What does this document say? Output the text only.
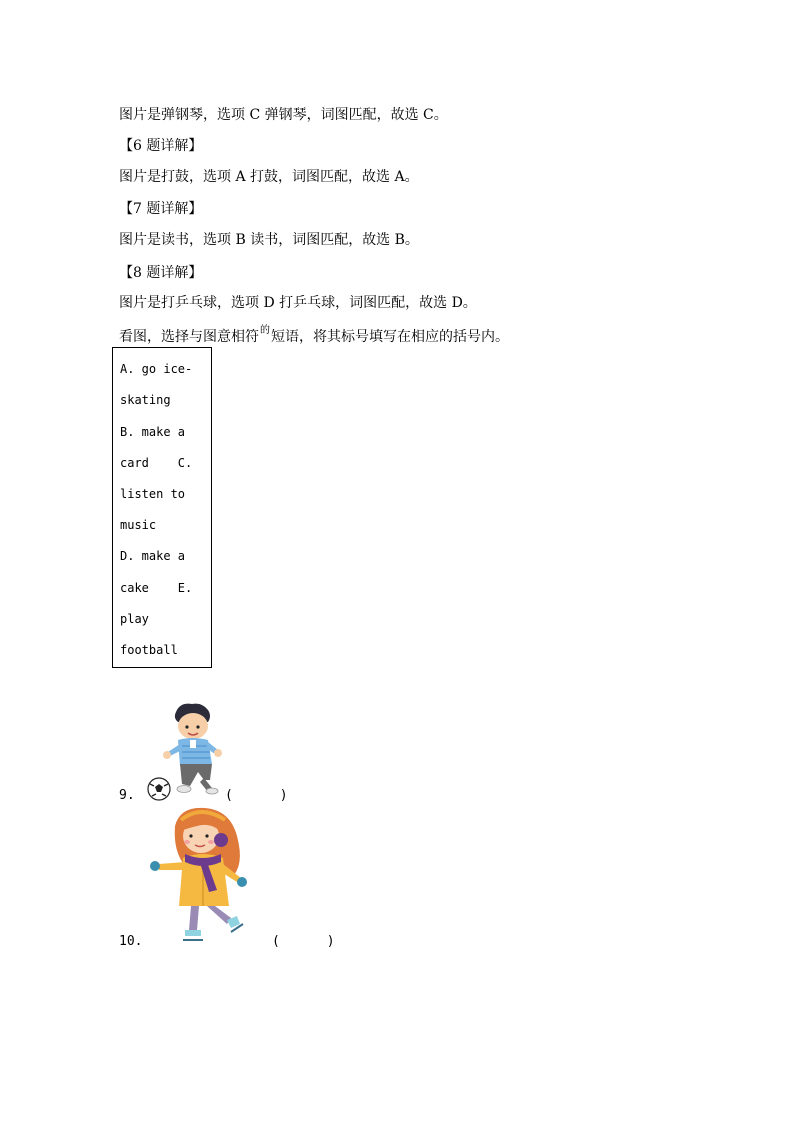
图片是弹钢琴，选项 C 弹钢琴，词图匹配，故选 C。
【6 题详解】
图片是打鼓，选项 A 打鼓，词图匹配，故选 A。
【7 题详解】
图片是读书，选项 B 读书，词图匹配，故选 B。
【8 题详解】
图片是打乒乓球，选项 D 打乒乓球，词图匹配，故选 D。
看图，选择与图意相符$^的$短语，将其标号填写在相应的括号内。
A. go ice-
skating
B. make a
card    C.
listen to
music
D. make a
cake    E.
play
football
9.	(      )
10.	(      )
